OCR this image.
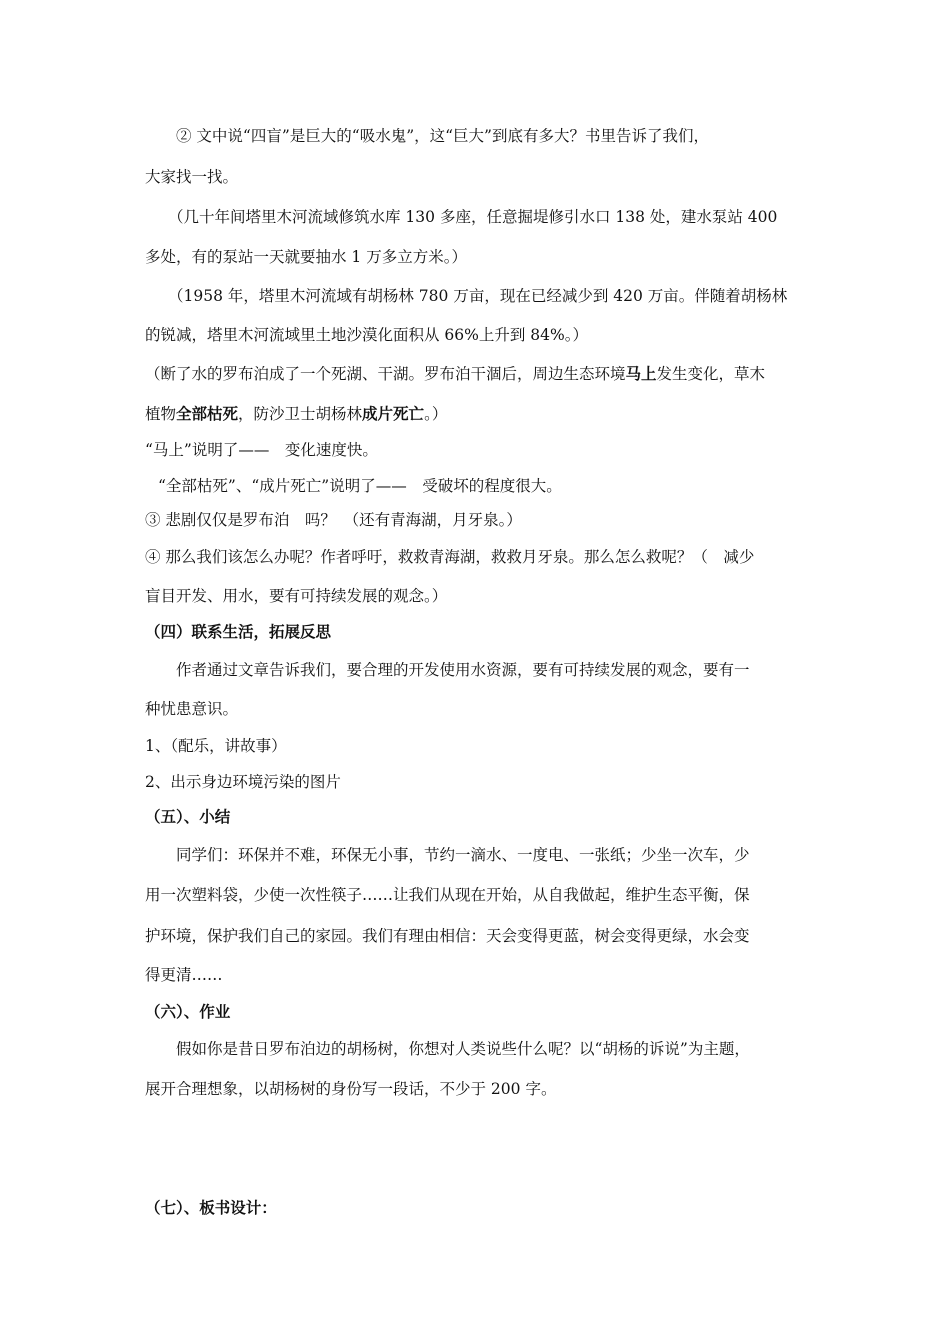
② 文中说“四盲”是巨大的“吸水鬼”，这“巨大”到底有多大？书里告诉了我们，
大家找一找。
（几十年间塔里木河流域修筑水库 130 多座，任意掘堤修引水口 138 处，建水泵站 400
多处，有的泵站一天就要抽水 1 万多立方米。）
（1958 年，塔里木河流域有胡杨林 780 万亩，现在已经减少到 420 万亩。伴随着胡杨林
的锐减，塔里木河流域里土地沙漠化面积从 66%上升到 84%。）
（断了水的罗布泊成了一个死湖、干湖。罗布泊干涸后，周边生态环境马上发生变化，草木
植物全部枯死，防沙卫士胡杨林成片死亡。）
“马上”说明了——　变化速度快。
“全部枯死”、“成片死亡”说明了——　受破坏的程度很大。
③ 悲剧仅仅是罗布泊　吗？　（还有青海湖，月牙泉。）
④ 那么我们该怎么办呢？作者呼吁，救救青海湖，救救月牙泉。那么怎么救呢？（　减少
盲目开发、用水，要有可持续发展的观念。）
（四）联系生活，拓展反思
作者通过文章告诉我们，要合理的开发使用水资源，要有可持续发展的观念，要有一
种忧患意识。
1、（配乐，讲故事）
2、出示身边环境污染的图片
（五）、小结
同学们：环保并不难，环保无小事，节约一滴水、一度电、一张纸；少坐一次车，少
用一次塑料袋，少使一次性筷子……让我们从现在开始，从自我做起，维护生态平衡，保
护环境，保护我们自己的家园。我们有理由相信：天会变得更蓝，树会变得更绿，水会变
得更清……
（六）、作业
假如你是昔日罗布泊边的胡杨树，你想对人类说些什么呢？以“胡杨的诉说”为主题，
展开合理想象，以胡杨树的身份写一段话，不少于 200 字。
（七）、板书设计：
